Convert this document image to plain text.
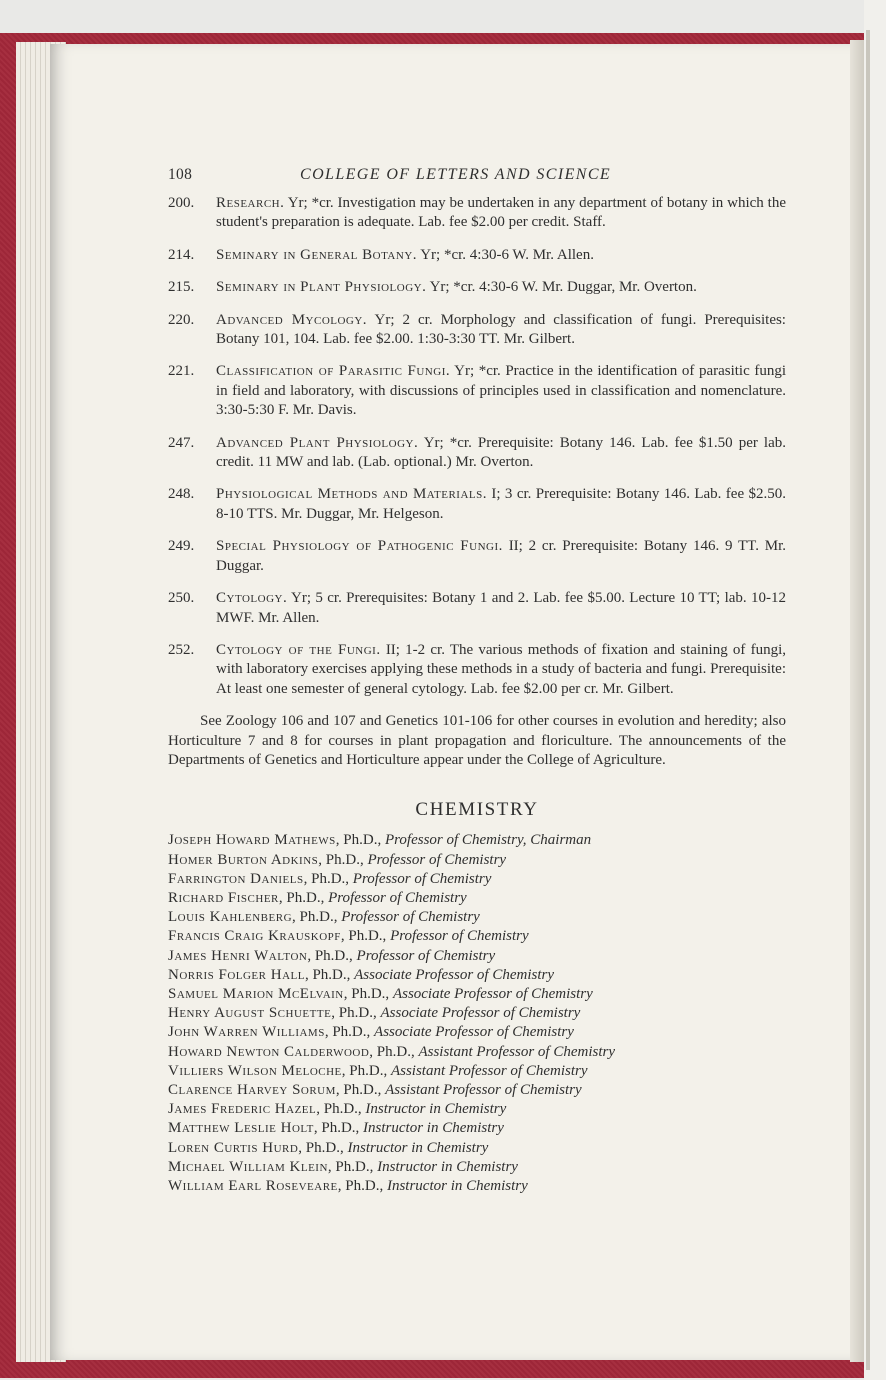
108	COLLEGE OF LETTERS AND SCIENCE
200. Research. Yr; *cr. Investigation may be undertaken in any department of botany in which the student's preparation is adequate. Lab. fee $2.00 per credit. Staff.
214. Seminary in General Botany. Yr; *cr. 4:30-6 W. Mr. Allen.
215. Seminary in Plant Physiology. Yr; *cr. 4:30-6 W. Mr. Duggar, Mr. Overton.
220. Advanced Mycology. Yr; 2 cr. Morphology and classification of fungi. Prerequisites: Botany 101, 104. Lab. fee $2.00. 1:30-3:30 TT. Mr. Gilbert.
221. Classification of Parasitic Fungi. Yr; *cr. Practice in the identification of parasitic fungi in field and laboratory, with discussions of principles used in classification and nomenclature. 3:30-5:30 F. Mr. Davis.
247. Advanced Plant Physiology. Yr; *cr. Prerequisite: Botany 146. Lab. fee $1.50 per lab. credit. 11 MW and lab. (Lab. optional.) Mr. Overton.
248. Physiological Methods and Materials. I; 3 cr. Prerequisite: Botany 146. Lab. fee $2.50. 8-10 TTS. Mr. Duggar, Mr. Helgeson.
249. Special Physiology of Pathogenic Fungi. II; 2 cr. Prerequisite: Botany 146. 9 TT. Mr. Duggar.
250. Cytology. Yr; 5 cr. Prerequisites: Botany 1 and 2. Lab. fee $5.00. Lecture 10 TT; lab. 10-12 MWF. Mr. Allen.
252. Cytology of the Fungi. II; 1-2 cr. The various methods of fixation and staining of fungi, with laboratory exercises applying these methods in a study of bacteria and fungi. Prerequisite: At least one semester of general cytology. Lab. fee $2.00 per cr. Mr. Gilbert.
See Zoology 106 and 107 and Genetics 101-106 for other courses in evolution and heredity; also Horticulture 7 and 8 for courses in plant propagation and floriculture. The announcements of the Departments of Genetics and Horticulture appear under the College of Agriculture.
CHEMISTRY
Joseph Howard Mathews, Ph.D., Professor of Chemistry, Chairman
Homer Burton Adkins, Ph.D., Professor of Chemistry
Farrington Daniels, Ph.D., Professor of Chemistry
Richard Fischer, Ph.D., Professor of Chemistry
Louis Kahlenberg, Ph.D., Professor of Chemistry
Francis Craig Krauskopf, Ph.D., Professor of Chemistry
James Henri Walton, Ph.D., Professor of Chemistry
Norris Folger Hall, Ph.D., Associate Professor of Chemistry
Samuel Marion McElvain, Ph.D., Associate Professor of Chemistry
Henry August Schuette, Ph.D., Associate Professor of Chemistry
John Warren Williams, Ph.D., Associate Professor of Chemistry
Howard Newton Calderwood, Ph.D., Assistant Professor of Chemistry
Villiers Wilson Meloche, Ph.D., Assistant Professor of Chemistry
Clarence Harvey Sorum, Ph.D., Assistant Professor of Chemistry
James Frederic Hazel, Ph.D., Instructor in Chemistry
Matthew Leslie Holt, Ph.D., Instructor in Chemistry
Loren Curtis Hurd, Ph.D., Instructor in Chemistry
Michael William Klein, Ph.D., Instructor in Chemistry
William Earl Roseveare, Ph.D., Instructor in Chemistry
